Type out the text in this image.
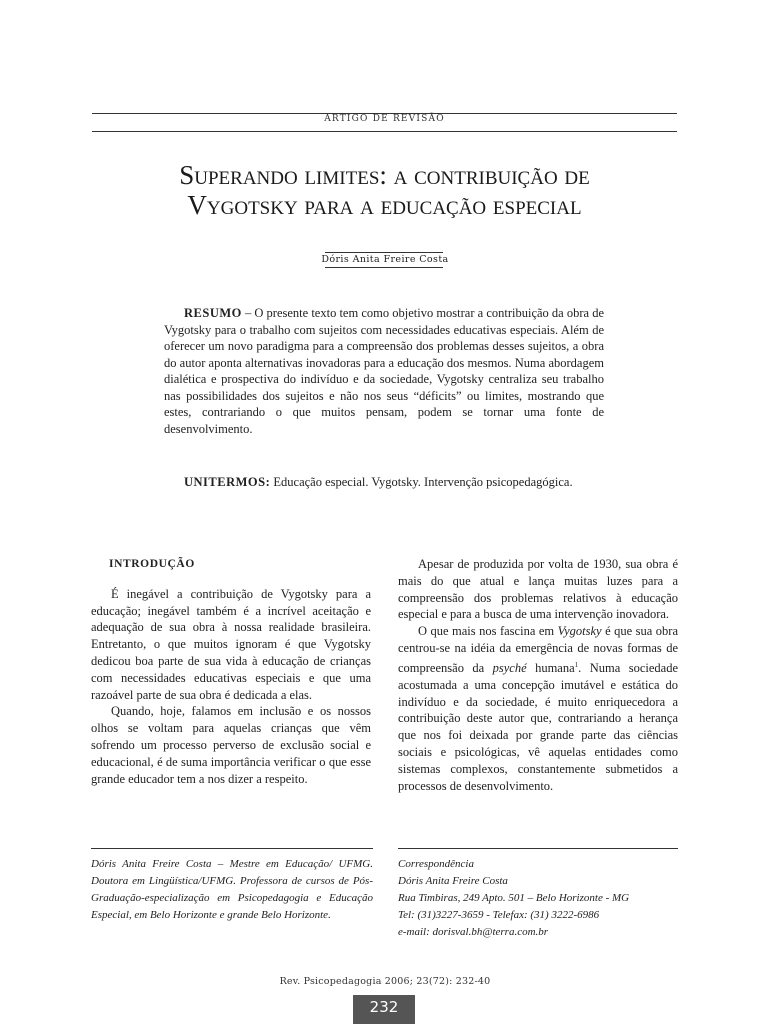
ARTIGO DE REVISÃO
Superando limites: a contribuição de
Vygotsky para a educação especial
Dóris Anita Freire Costa
RESUMO – O presente texto tem como objetivo mostrar a contribuição da obra de Vygotsky para o trabalho com sujeitos com necessidades educativas especiais. Além de oferecer um novo paradigma para a compreensão dos problemas desses sujeitos, a obra do autor aponta alternativas inovadoras para a educação dos mesmos. Numa abordagem dialética e prospectiva do indivíduo e da sociedade, Vygotsky centraliza seu trabalho nas possibilidades dos sujeitos e não nos seus “déficits” ou limites, mostrando que estes, contrariando o que muitos pensam, podem se tornar uma fonte de desenvolvimento.
UNITERMOS: Educação especial. Vygotsky. Intervenção psicopedagógica.
INTRODUÇÃO

É inegável a contribuição de Vygotsky para a educação; inegável também é a incrível aceitação e adequação de sua obra à nossa realidade brasileira. Entretanto, o que muitos ignoram é que Vygotsky dedicou boa parte de sua vida à educação de crianças com necessidades educativas especiais e que uma razoável parte de sua obra é dedicada a elas.

Quando, hoje, falamos em inclusão e os nossos olhos se voltam para aquelas crianças que vêm sofrendo um processo perverso de exclusão social e educacional, é de suma importância verificar o que esse grande educador tem a nos dizer a respeito.

Apesar de produzida por volta de 1930, sua obra é mais do que atual e lança muitas luzes para a compreensão dos problemas relativos à educação especial e para a busca de uma intervenção inovadora.

O que mais nos fascina em Vygotsky é que sua obra centrou-se na idéia da emergência de novas formas de compreensão da psyché humana$^1$. Numa sociedade acostumada a uma concepção imutável e estática do indivíduo e da sociedade, é muito enriquecedora a contribuição deste autor que, contrariando a herança que nos foi deixada por grande parte das ciências sociais e psicológicas, vê aquelas entidades como sistemas complexos, constantemente submetidos a processos de desenvolvimento.

Dóris Anita Freire Costa – Mestre em Educação/ UFMG. Doutora em Lingüística/UFMG. Professora de cursos de Pós-Graduação-especialização em Psicopedagogia e Educação Especial, em Belo Horizonte e grande Belo Horizonte.
Correspondência
Dóris Anita Freire Costa
Rua Timbiras, 249 Apto. 501 – Belo Horizonte - MG
Tel: (31)3227-3659 - Telefax: (31) 3222-6986
e-mail: dorisval.bh@terra.com.br
Rev. Psicopedagogia 2006; 23(72): 232-40
232
